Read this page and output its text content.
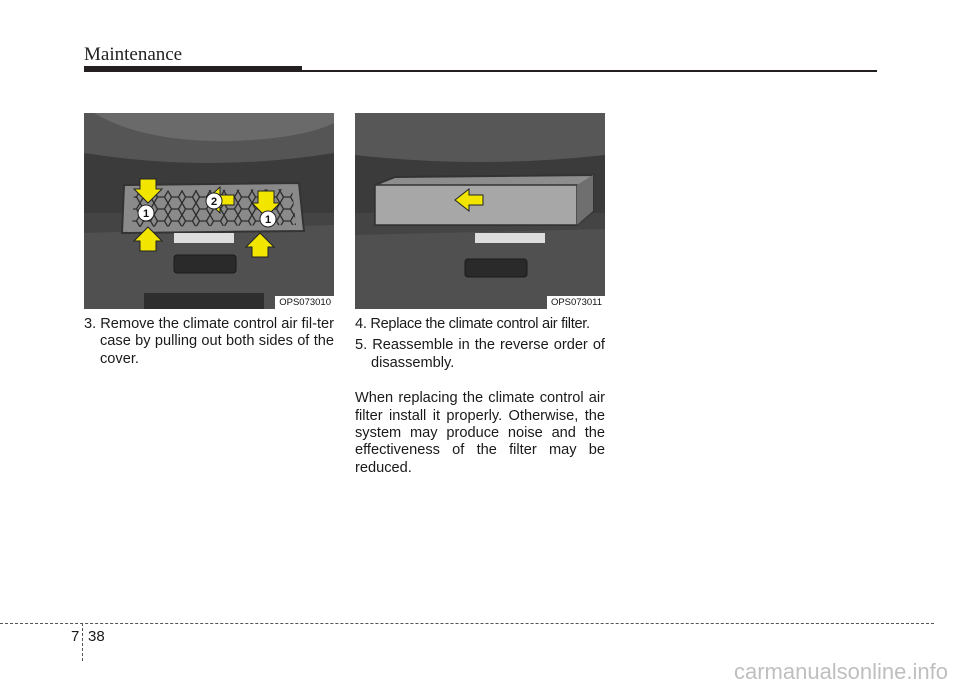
Maintenance
1
2
1
OPS073010	OPS073011

3. Remove the climate control air fil-ter case by pulling out both sides of the cover.

4. Replace the climate control air filter.

5. Reassemble in the reverse order of disassembly.

When replacing the climate control air filter install it properly. Otherwise, the system may produce noise and the effectiveness of the filter may be reduced.

7 38
carmanualsonline.info
